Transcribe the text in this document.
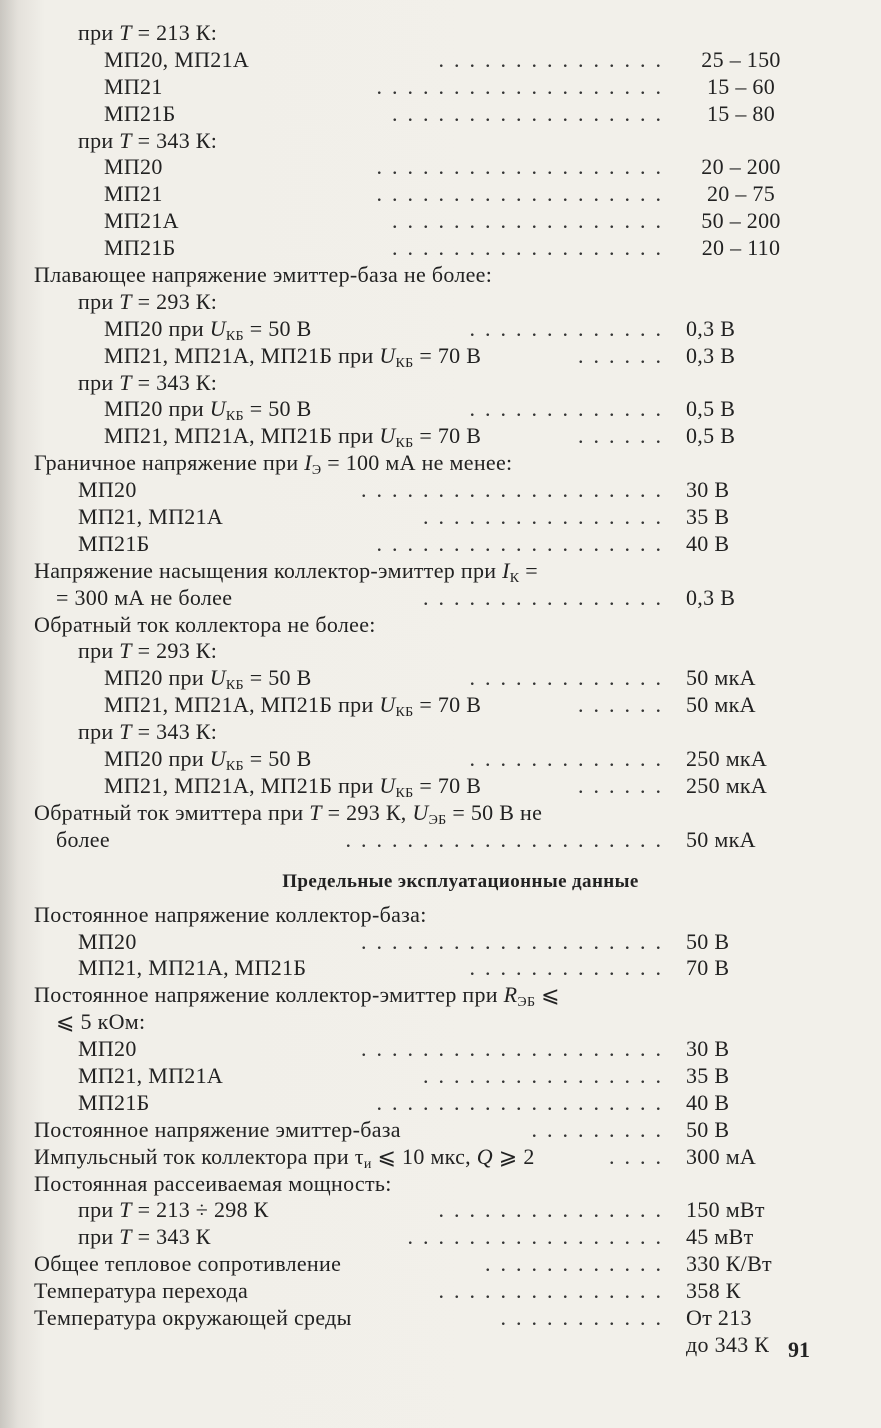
при T = 213 К:
МП20, МП21А	...............	25 – 150
МП21	...................	15 – 60
МП21Б	..................	15 – 80
при T = 343 К:
МП20	...................	20 – 200
МП21	...................	20 – 75
МП21А	..................	50 – 200
МП21Б	..................	20 – 110
Плавающее напряжение эмиттер-база не более:
при T = 293 К:
МП20 при $U_{КБ} = 50$ В	............. 0,3 В
МП21, МП21А, МП21Б при $U_{КБ} = 70$ В	...... 0,3 В
при T = 343 К:
МП20 при $U_{КБ} = 50$ В	............. 0,5 В
МП21, МП21А, МП21Б при $U_{КБ} = 70$ В	...... 0,5 В
Граничное напряжение при $I_Э = 100$ мА не менее:
МП20	.................... 30 В
МП21, МП21А	................ 35 В
МП21Б	................... 40 В
Напряжение насыщения коллектор-эмиттер при $I_К$ =
= 300 мА не более	................ 0,3 В
Обратный ток коллектора не более:
при T = 293 К:
МП20 при $U_{КБ} = 50$ В	............. 50 мкА
МП21, МП21А, МП21Б при $U_{КБ} = 70$ В	...... 50 мкА
при T = 343 К:
МП20 при $U_{КБ} = 50$ В	............. 250 мкА
МП21, МП21А, МП21Б при $U_{КБ} = 70$ В	...... 250 мкА
Обратный ток эмиттера при T = 293 К, $U_{ЭБ} = 50$ В не
более	..................... 50 мкА
Предельные эксплуатационные данные
Постоянное напряжение коллектор-база:
МП20	.................... 50 В
МП21, МП21А, МП21Б	............. 70 В
Постоянное напряжение коллектор-эмиттер при $R_{ЭБ}$ ⩽
⩽ 5 кОм:
МП20	.................... 30 В
МП21, МП21А	................ 35 В
МП21Б	................... 40 В
Постоянное напряжение эмиттер-база	......... 50 В
Импульсный ток коллектора при $\tau_и$ ⩽ 10 мкс, Q ⩾ 2	.... 300 мА
Постоянная рассеиваемая мощность:
при T = 213 ÷ 298 К	............... 150 мВт
при T = 343 К	................. 45 мВт
Общее тепловое сопротивление	............ 330 К/Вт
Температура перехода	............... 358 К
Температура окружающей среды	........... От 213
до 343 К 91
